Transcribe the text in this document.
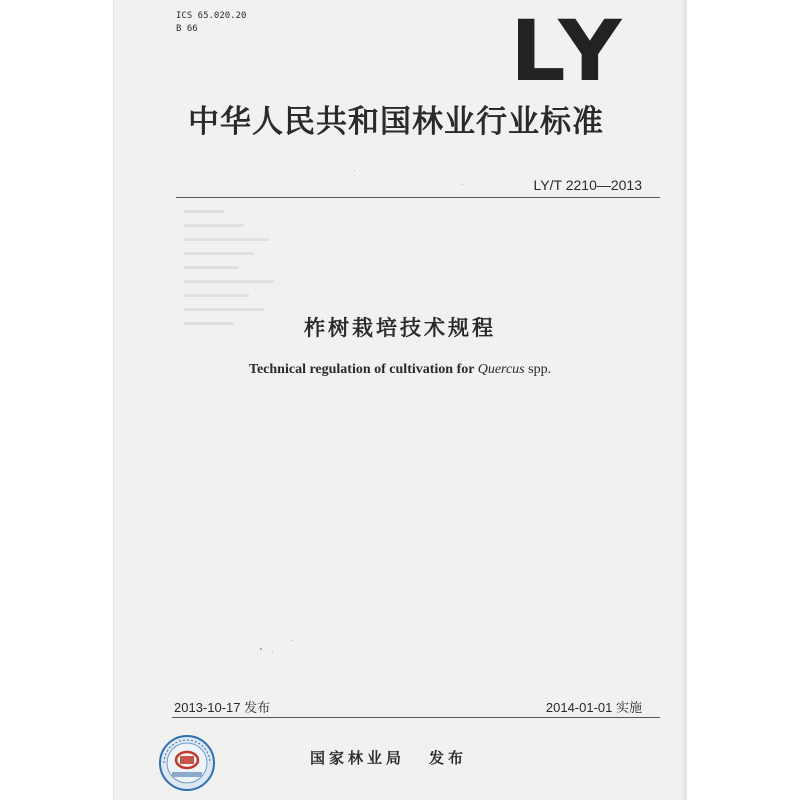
ICS 65.020.20
B 66	LY
中华人民共和国林业行业标准
LY/T 2210—2013
柞树栽培技术规程
Technical regulation of cultivation for Quercus spp.
2013-10-17 发布	2014-01-01 实施
国家林业局 发布
